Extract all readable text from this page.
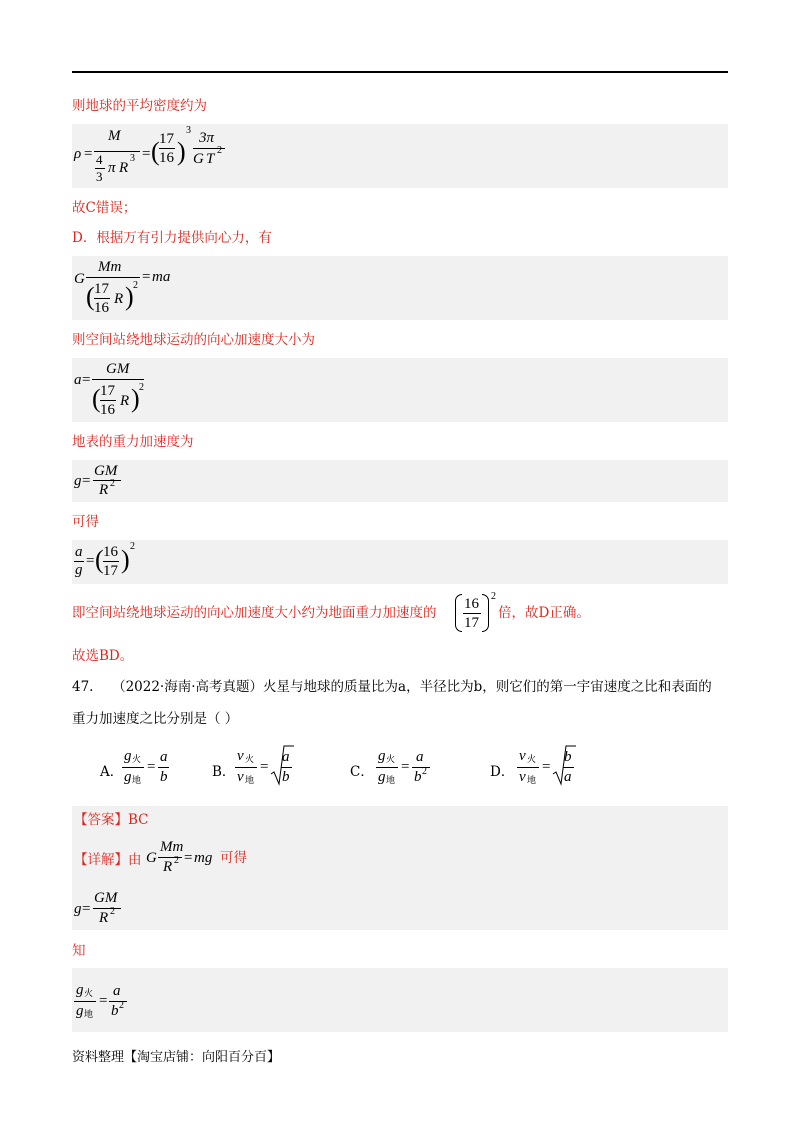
则地球的平均密度约为
ρ =
M
4
3
π R
3 = ( 17
16 )
3 3π
G T
2
故C错误；
D．根据万有引力提供向心力，有
G
Mm
( 17
16
R ) 2
= ma
则空间站绕地球运动的向心加速度大小为
a =
GM
( 17
16
R ) 2
地表的重力加速度为
g =
GM
R 2
可得
a
g
= ( 16
17 ) 2
即空间站绕地球运动的向心加速度大小约为地面重力加速度的
16
17
2
倍，故D正确。
故选BD。
47. （2022·海南·高考真题）火星与地球的质量比为a，半径比为b，则它们的第一宇宙速度之比和表面的
重力加速度之比分别是（ ）
A．
g 火
g 地
=
a
b	B．
v 火
v 地
=
a
b	C．
g 火
g 地
=
a
b 2	D．
v 火
v 地
=
b
a
【答案】BC
【详解】由 G
Mm
R 2 = mg 可得
g =
GM
R 2
知
g 火
g 地
=
a
b 2
资料整理【淘宝店铺：向阳百分百】
